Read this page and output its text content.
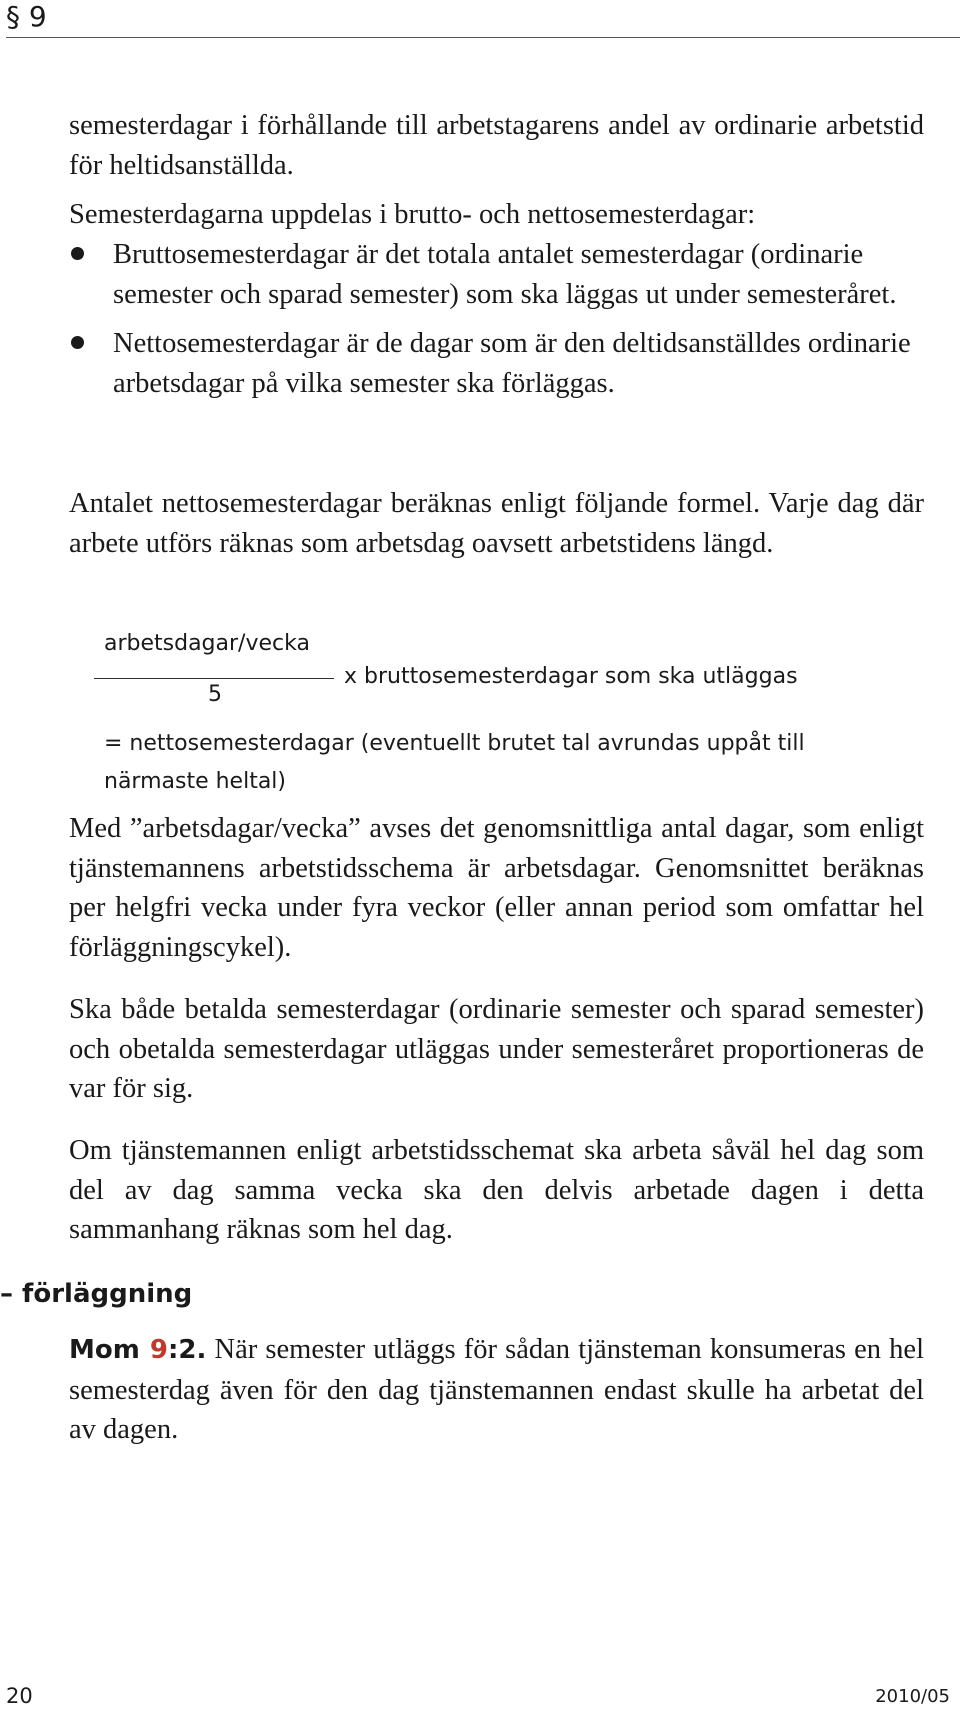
§ 9
semesterdagar i förhållande till arbetstagarens andel av ordinarie arbetstid för heltidsanställda.
Semesterdagarna uppdelas i brutto- och nettosemesterdagar:
Bruttosemesterdagar är det totala antalet semesterdagar (ordinarie semester och sparad semester) som ska läggas ut under semesteråret.
Nettosemesterdagar är de dagar som är den deltidsanställdes ordinarie arbetsdagar på vilka semester ska förläggas.
Antalet nettosemesterdagar beräknas enligt följande formel. Varje dag där arbete utförs räknas som arbetsdag oavsett arbetstidens längd.
arbetsdagar/vecka
5
x bruttosemesterdagar som ska utläggas
= nettosemesterdagar (eventuellt brutet tal avrundas uppåt till närmaste heltal)
Med ”arbetsdagar/vecka” avses det genomsnittliga antal dagar, som enligt tjänstemannens arbetstidsschema är arbetsdagar. Genomsnittet beräknas per helgfri vecka under fyra veckor (eller annan period som omfattar hel förläggningscykel).
Ska både betalda semesterdagar (ordinarie semester och sparad semester) och obetalda semesterdagar utläggas under semesteråret proportioneras de var för sig.
Om tjänstemannen enligt arbetstidsschemat ska arbeta såväl hel dag som del av dag samma vecka ska den delvis arbetade dagen i detta sammanhang räknas som hel dag.
– förläggning
Mom 9:2. När semester utläggs för sådan tjänsteman konsumeras en hel semesterdag även för den dag tjänstemannen endast skulle ha arbetat del av dagen.
20	2010/05
